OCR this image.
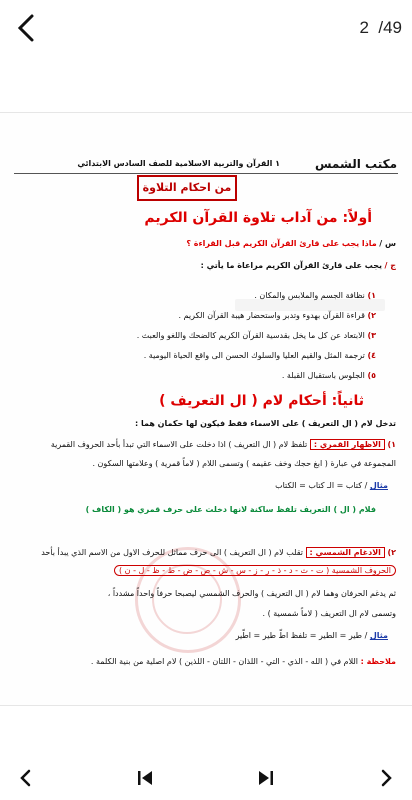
2 /49
مكتب الشمس
١ القرآن والتربية الاسلامية للصف السادس الابتدائي
من احكام التلاوة
أولاً: من آداب تلاوة القرآن الكريم
س / ماذا يجب على قارئ القرآن الكريم قبل القراءة ؟
ج / يجب على قارئ القرآن الكريم مراعاة ما يأتي :
١) نظافة الجسم والملابس والمكان .
٢) قراءة القرآن بهدوء وتدبر واستحضار هيبة القرآن الكريم .
٣) الابتعاد عن كل ما يخل بقدسية القرآن الكريم كالضحك واللغو والعبث .
٤) ترجمة المثل والقيم العليا والسلوك الحسن الى واقع الحياة اليومية .
٥) الجلوس باستقبال القبلة .
ثانياً: أحكام لام ( ال التعريف )
تدخل لام ( ال التعريف ) على الاسماء فقط فيكون لها حكمان هما :
١) الاظهار القمري : تلفظ لام ( ال التعريف ) اذا دخلت على الاسماء التي تبدأ بأحد الحروف القمرية
المجموعة في عبارة ( ابغ حجك وخف عقيمه ) وتسمى اللام ( لاماً قمرية ) وعلامتها السكون .
مثال / كتاب = الـ كتاب = الكتاب
فلام ( ال ) التعريف تلفظ ساكنة لانها دخلت على حرف قمري هو ( الكاف )
٢) الادغام الشمسي : تقلب لام ( ال التعريف ) الى حرف مماثل للحرف الاول من الاسم الذي يبدأ بأحد
الحروف الشمسية ( ت - ث - د - ذ - ر - ز - س - ش - ص - ض - ط - ظ - ل - ن )
ثم يدغم الحرفان وهما لام ( ال التعريف ) والحرف الشمسي ليصبحا حرفاً واحداً مشدداً ،
وتسمى لام ال التعريف ( لاماً شمسية ) .
مثال / طير = الطير = تلفظ اطّ طير = اطّير
ملاحظة : اللام في ( الله - الذي - التي - اللذان - اللتان - اللذين ) لام اصلية من بنية الكلمة .
